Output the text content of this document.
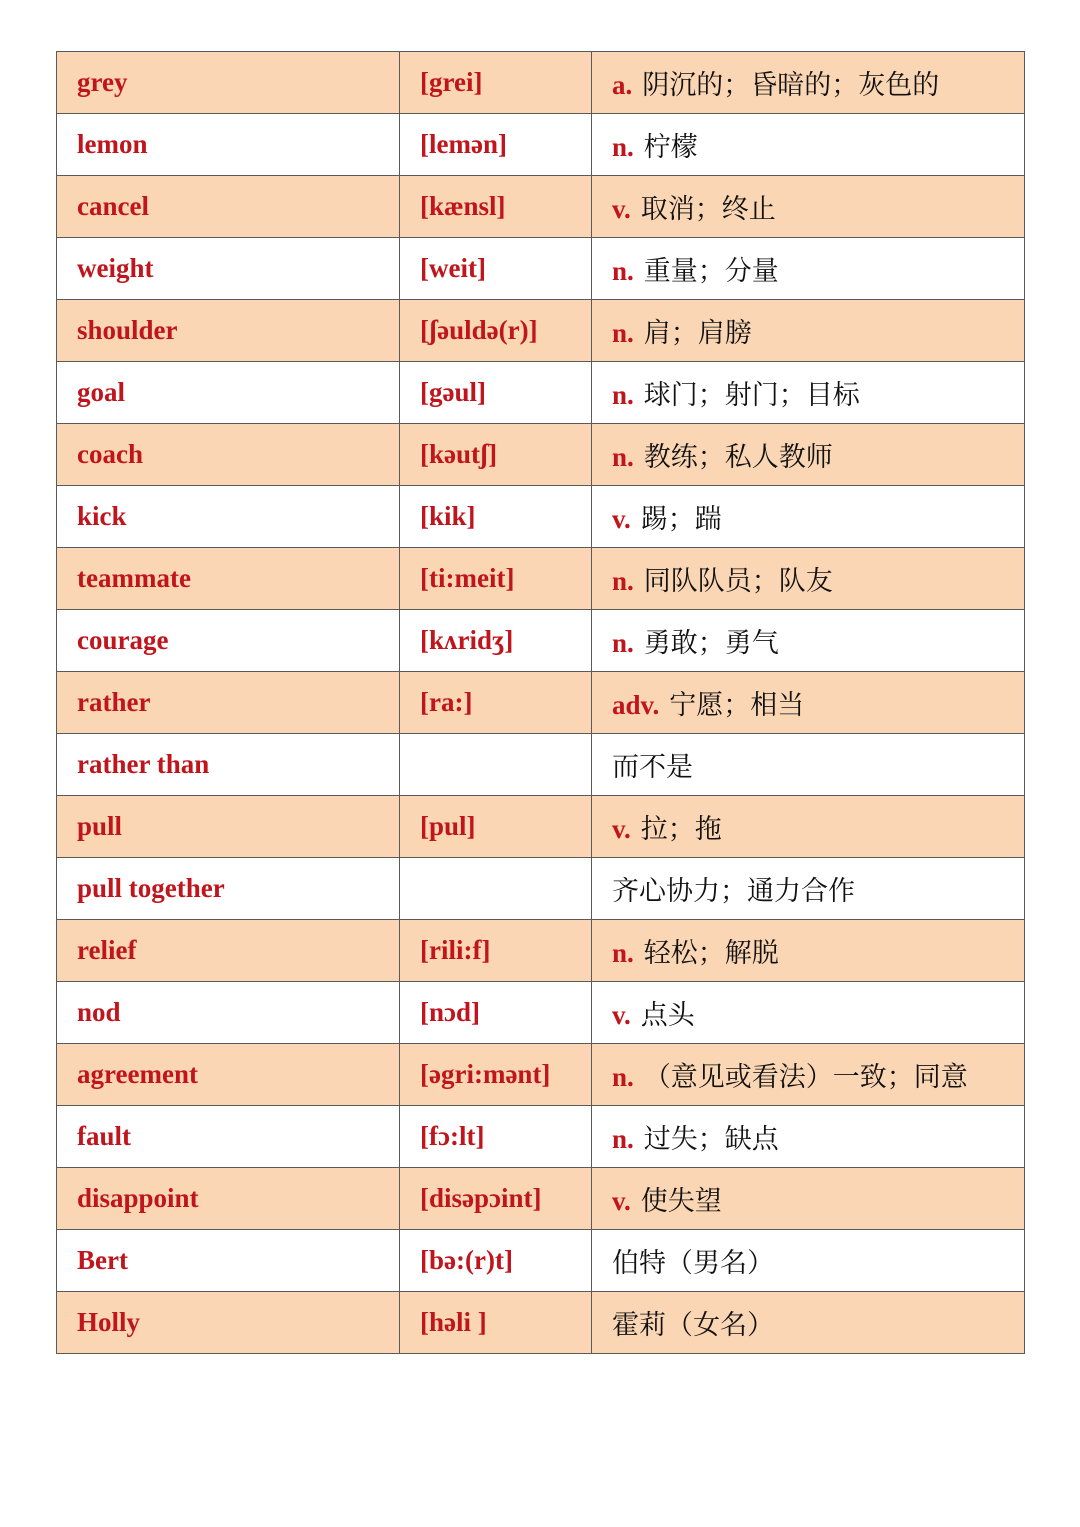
grey	[grei]	a. 阴沉的；昏暗的；灰色的
lemon	[lemən]	n. 柠檬
cancel	[kænsl]	v. 取消；终止
weight	[weit]	n. 重量；分量
shoulder	[ʃəuldə(r)]	n. 肩；肩膀
goal	[gəul]	n. 球门；射门；目标
coach	[kəutʃ]	n. 教练；私人教师
kick	[kik]	v. 踢；踹
teammate	[ti:meit]	n. 同队队员；队友
courage	[kʌridʒ]	n. 勇敢；勇气
rather	[ra:]	adv. 宁愿；相当
rather than		而不是
pull	[pul]	v. 拉；拖
pull together		齐心协力；通力合作
relief	[rili:f]	n. 轻松；解脱
nod	[nɔd]	v. 点头
agreement	[əgri:mənt]	n. （意见或看法）一致；同意
fault	[fɔ:lt]	n. 过失；缺点
disappoint	[disəpɔint]	v. 使失望
Bert	[bə:(r)t]	伯特（男名）
Holly	[həli ]	霍莉（女名）
